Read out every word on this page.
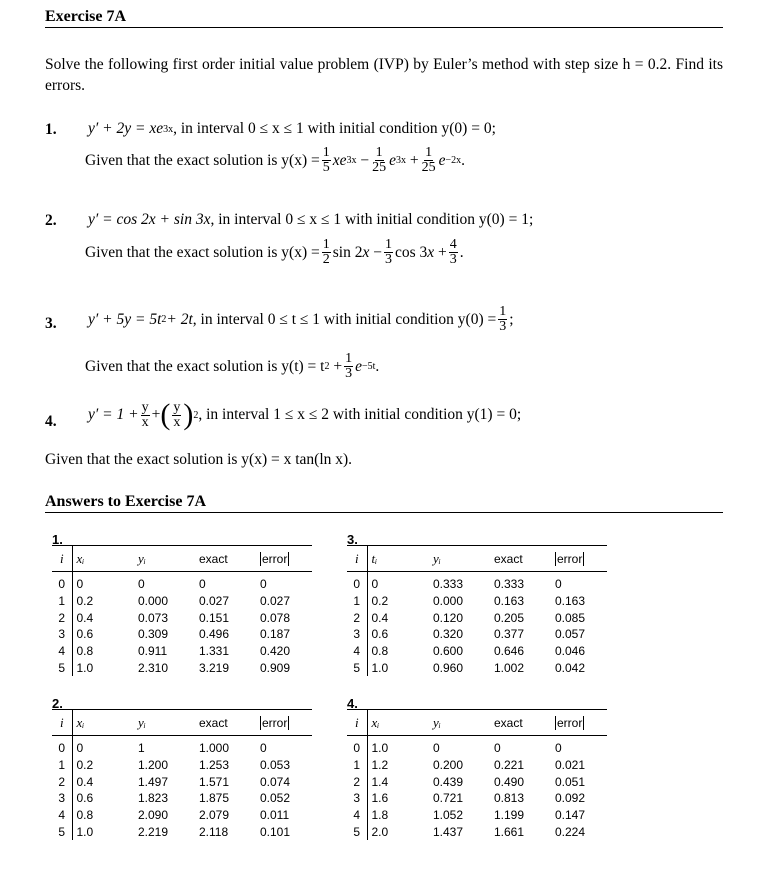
Exercise 7A
Solve the following first order initial value problem (IVP) by Euler’s method with step size h = 0.2. Find its errors.
1. y′ + 2y = xe 3x , in interval 0 ≤ x ≤ 1 with initial condition y(0) = 0;
Given that the exact solution is $y(x) = \frac{1}{5}$ xe $3x - \frac{1}{25}$ e $3x + \frac{1}{25}$ e −2x .
2. y′ = cos 2x + sin 3x , in interval 0 ≤ x ≤ 1 with initial condition y(0) = 1;
Given that the exact solution is $y(x) = \frac{1}{2}$ sin 2 $x - \frac{1}{3}$ cos 3 $x + \frac{4}{3}$ .
3. y′ + 5y = 5t 2 + 2t , in interval 0 ≤ t ≤ 1 with initial condition $y(0) = \frac{1}{3}$ ;
Given that the exact solution is y(t) = t $2 + \frac{1}{3}$ e −5t .
4. $y' = 1 + \frac{y}{x}$ + ( $\frac{y}{x}$ ) 2 , in interval 1 ≤ x ≤ 2 with initial condition y(1) = 0;
Given that the exact solution is y(x) = x tan(ln x).
Answers to Exercise 7A
1.
i	xᵢ	yᵢ	exact	error
0	0	0	0	0
1	0.2	0.000	0.027	0.027
2	0.4	0.073	0.151	0.078
3	0.6	0.309	0.496	0.187
4	0.8	0.911	1.331	0.420
5	1.0	2.310	3.219	0.909
3.
i	tᵢ	yᵢ	exact	error
0	0	0.333	0.333	0
1	0.2	0.000	0.163	0.163
2	0.4	0.120	0.205	0.085
3	0.6	0.320	0.377	0.057
4	0.8	0.600	0.646	0.046
5	1.0	0.960	1.002	0.042
2.
i	xᵢ	yᵢ	exact	error
0	0	1	1.000	0
1	0.2	1.200	1.253	0.053
2	0.4	1.497	1.571	0.074
3	0.6	1.823	1.875	0.052
4	0.8	2.090	2.079	0.011
5	1.0	2.219	2.118	0.101
4.
i	xᵢ	yᵢ	exact	error
0	1.0	0	0	0
1	1.2	0.200	0.221	0.021
2	1.4	0.439	0.490	0.051
3	1.6	0.721	0.813	0.092
4	1.8	1.052	1.199	0.147
5	2.0	1.437	1.661	0.224
